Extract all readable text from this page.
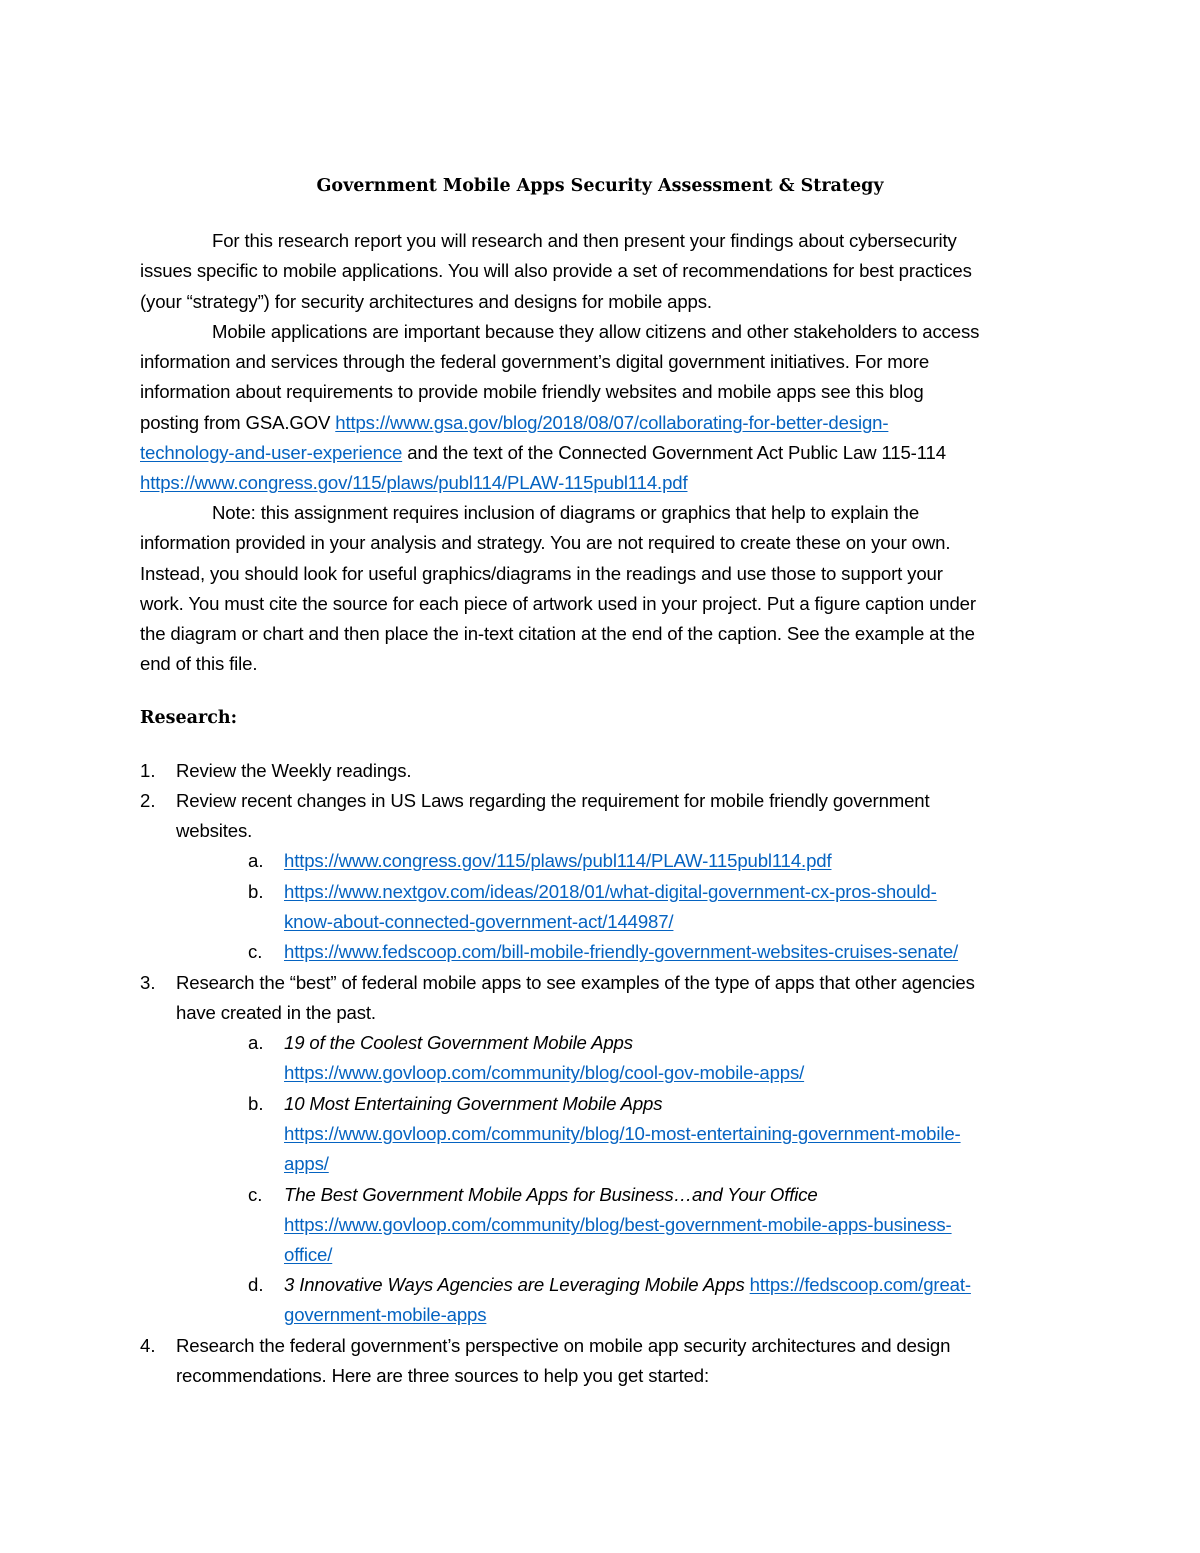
Government Mobile Apps Security Assessment & Strategy
For this research report you will research and then present your findings about cybersecurity
issues specific to mobile applications. You will also provide a set of recommendations for best practices
(your “strategy”) for security architectures and designs for mobile apps.
Mobile applications are important because they allow citizens and other stakeholders to access
information and services through the federal government’s digital government initiatives. For more
information about requirements to provide mobile friendly websites and mobile apps see this blog
posting from GSA.GOV https://www.gsa.gov/blog/2018/08/07/collaborating-for-better-design-
technology-and-user-experience and the text of the Connected Government Act Public Law 115-114
https://www.congress.gov/115/plaws/publ114/PLAW-115publ114.pdf
Note: this assignment requires inclusion of diagrams or graphics that help to explain the
information provided in your analysis and strategy. You are not required to create these on your own.
Instead, you should look for useful graphics/diagrams in the readings and use those to support your
work. You must cite the source for each piece of artwork used in your project. Put a figure caption under
the diagram or chart and then place the in-text citation at the end of the caption. See the example at the
end of this file.
Research:
1. Review the Weekly readings.
2. Review recent changes in US Laws regarding the requirement for mobile friendly government
websites.
a. https://www.congress.gov/115/plaws/publ114/PLAW-115publ114.pdf
b. https://www.nextgov.com/ideas/2018/01/what-digital-government-cx-pros-should-
know-about-connected-government-act/144987/
c. https://www.fedscoop.com/bill-mobile-friendly-government-websites-cruises-senate/
3. Research the “best” of federal mobile apps to see examples of the type of apps that other agencies
have created in the past.
a. 19 of the Coolest Government Mobile Apps
https://www.govloop.com/community/blog/cool-gov-mobile-apps/
b. 10 Most Entertaining Government Mobile Apps
https://www.govloop.com/community/blog/10-most-entertaining-government-mobile-
apps/
c. The Best Government Mobile Apps for Business…and Your Office
https://www.govloop.com/community/blog/best-government-mobile-apps-business-
office/
d. 3 Innovative Ways Agencies are Leveraging Mobile Apps https://fedscoop.com/great-
government-mobile-apps
4. Research the federal government’s perspective on mobile app security architectures and design
recommendations. Here are three sources to help you get started:
